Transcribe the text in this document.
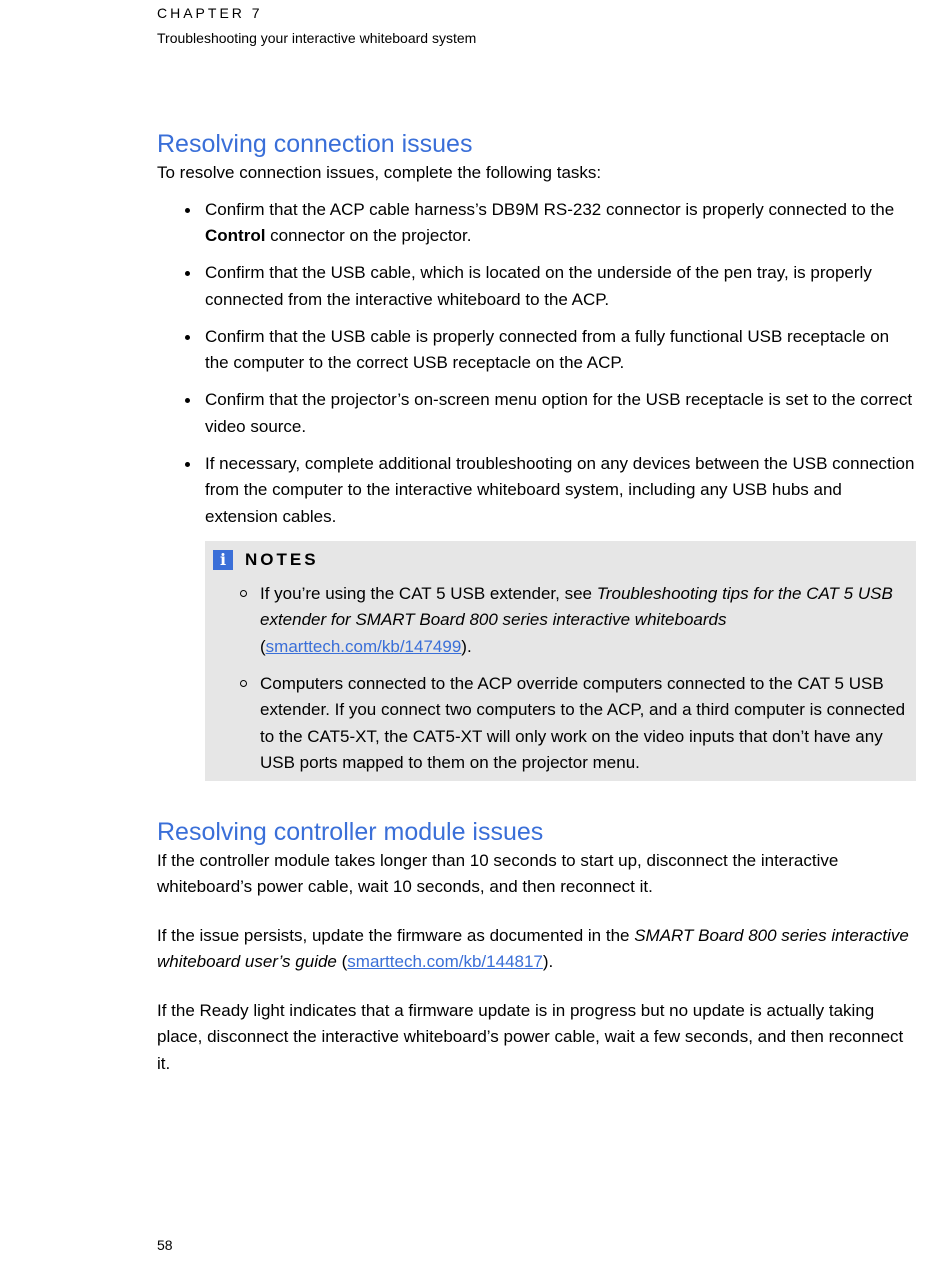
CHAPTER 7
Troubleshooting your interactive whiteboard system
Resolving connection issues

To resolve connection issues, complete the following tasks:

Confirm that the ACP cable harness’s DB9M RS-232 connector is properly connected to the Control connector on the projector.
Confirm that the USB cable, which is located on the underside of the pen tray, is properly connected from the interactive whiteboard to the ACP.
Confirm that the USB cable is properly connected from a fully functional USB receptacle on the computer to the correct USB receptacle on the ACP.
Confirm that the projector’s on-screen menu option for the USB receptacle is set to the correct video source.
If necessary, complete additional troubleshooting on any devices between the USB connection from the computer to the interactive whiteboard system, including any USB hubs and extension cables.
i	NOTES
If you’re using the CAT 5 USB extender, see Troubleshooting tips for the CAT 5 USB extender for SMART Board 800 series interactive whiteboards (smarttech.com/kb/147499).
Computers connected to the ACP override computers connected to the CAT 5 USB extender. If you connect two computers to the ACP, and a third computer is connected to the CAT5-XT, the CAT5-XT will only work on the video inputs that don’t have any USB ports mapped to them on the projector menu.
Resolving controller module issues

If the controller module takes longer than 10 seconds to start up, disconnect the interactive whiteboard’s power cable, wait 10 seconds, and then reconnect it.

If the issue persists, update the firmware as documented in the SMART Board 800 series interactive whiteboard user’s guide (smarttech.com/kb/144817).

If the Ready light indicates that a firmware update is in progress but no update is actually taking place, disconnect the interactive whiteboard’s power cable, wait a few seconds, and then reconnect it.

58
